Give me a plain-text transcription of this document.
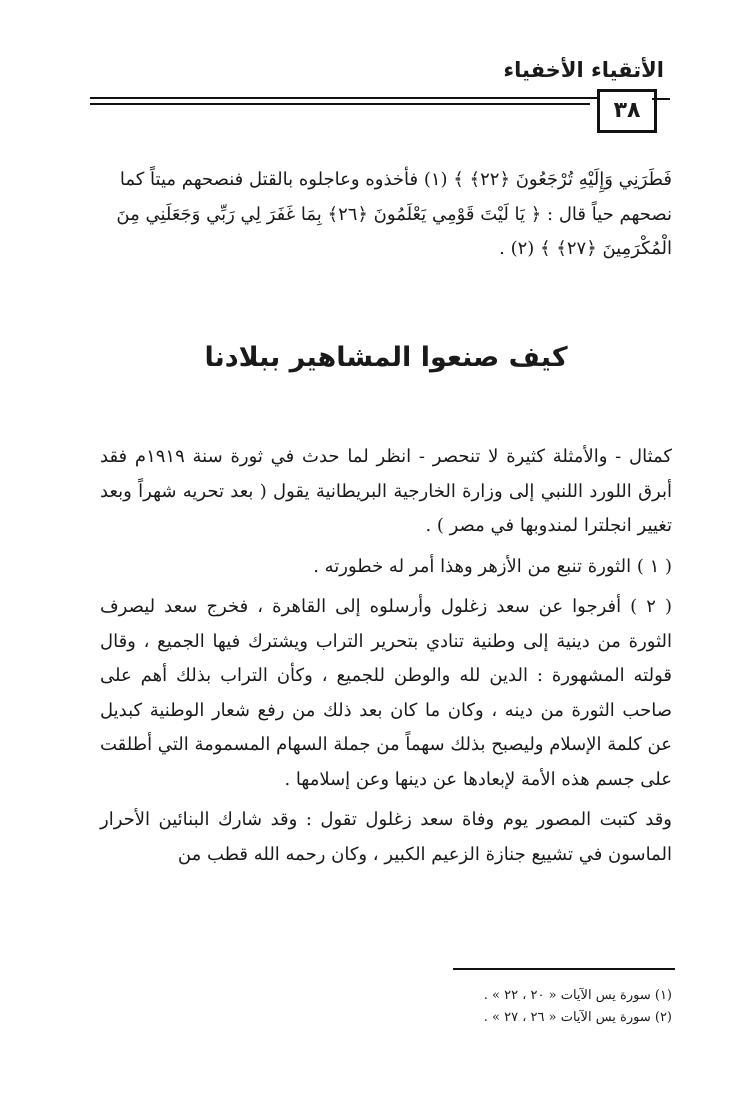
الأتقياء الأخفياء
٣٨

فَطَرَنِي وَإِلَيْهِ تُرْجَعُونَ ﴿٢٢﴾ ﴾ (١) فأخذوه وعاجلوه بالقتل فنصحهم ميتاً كما

نصحهم حياً قال : ﴿ يَا لَيْتَ قَوْمِي يَعْلَمُونَ ﴿٢٦﴾ بِمَا غَفَرَ لِي رَبِّي وَجَعَلَنِي مِنَ

الْمُكْرَمِينَ ﴿٢٧﴾ ﴾ (٢) .

كيف صنعوا المشاهير ببلادنا

كمثال - والأمثلة كثيرة لا تنحصر - انظر لما حدث في ثورة سنة ١٩١٩م فقد أبرق اللورد اللنبي إلى وزارة الخارجية البريطانية يقول ( بعد تحريه شهراً وبعد تغيير انجلترا لمندوبها في مصر ) .

( ١ ) الثورة تنبع من الأزهر وهذا أمر له خطورته .

( ٢ ) أفرجوا عن سعد زغلول وأرسلوه إلى القاهرة ، فخرج سعد ليصرف الثورة من دينية إلى وطنية تنادي بتحرير التراب ويشترك فيها الجميع ، وقال قولته المشهورة : الدين لله والوطن للجميع ، وكأن التراب بذلك أهم على صاحب الثورة من دينه ، وكان ما كان بعد ذلك من رفع شعار الوطنية كبديل عن كلمة الإسلام وليصبح بذلك سهماً من جملة السهام المسمومة التي أطلقت على جسم هذه الأمة لإبعادها عن دينها وعن إسلامها .

وقد كتبت المصور يوم وفاة سعد زغلول تقول : وقد شارك البنائين الأحرار الماسون في تشييع جنازة الزعيم الكبير ، وكان رحمه الله قطب من

(١) سورة يس الآيات « ٢٠ ، ٢٢ » .
(٢) سورة يس الآيات « ٢٦ ، ٢٧ » .
